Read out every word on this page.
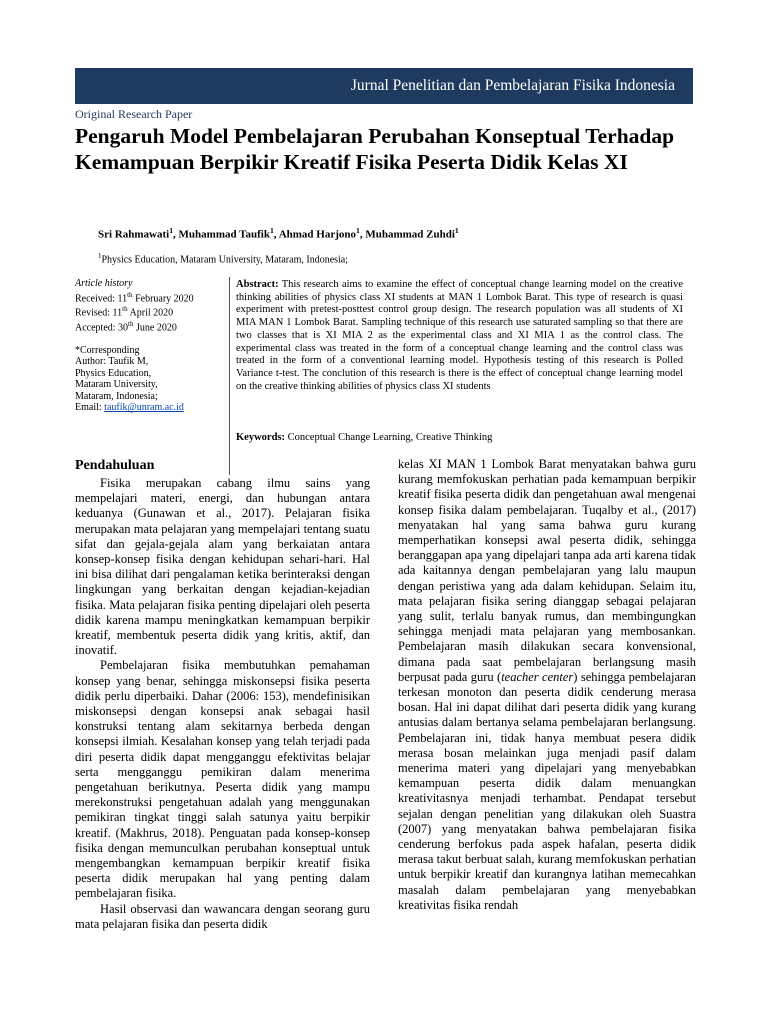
Jurnal Penelitian dan Pembelajaran Fisika Indonesia
Original Research Paper
Pengaruh Model Pembelajaran Perubahan Konseptual Terhadap Kemampuan Berpikir Kreatif Fisika Peserta Didik Kelas XI
Sri Rahmawati$^1$, Muhammad Taufik$^1$, Ahmad Harjono$^1$, Muhammad Zuhdi$^1$
$^1$Physics Education, Mataram University, Mataram, Indonesia;
Article history
Received: 11th February 2020
Revised: 11th April 2020
Accepted: 30th June 2020
*Corresponding
Author: Taufik M,
Physics Education,
Mataram University,
Mataram, Indonesia;
Email: taufik@unram.ac.id
Abstract: This research aims to examine the effect of conceptual change learning model on the creative thinking abilities of physics class XI students at MAN 1 Lombok Barat. This type of research is quasi experiment with pretest-posttest control group design. The research population was all students of XI MIA MAN 1 Lombok Barat. Sampling technique of this research use saturated sampling so that there are two classes that is XI MIA 2 as the experimental class and XI MIA 1 as the control class. The experimental class was treated in the form of a conceptual change learning and the control class was treated in the form of a conventional learning model. Hypothesis testing of this research is Polled Variance t-test. The conclution of this research is there is the effect of conceptual change learning model on the creative thinking abilities of physics class XI students
Keywords: Conceptual Change Learning, Creative Thinking
Pendahuluan

Fisika merupakan cabang ilmu sains yang mempelajari materi, energi, dan hubungan antara keduanya (Gunawan et al., 2017). Pelajaran fisika merupakan mata pelajaran yang mempelajari tentang suatu sifat dan gejala-gejala alam yang berkaiatan antara konsep-konsep fisika dengan kehidupan sehari-hari. Hal ini bisa dilihat dari pengalaman ketika berinteraksi dengan lingkungan yang berkaitan dengan kejadian-kejadian fisika. Mata pelajaran fisika penting dipelajari oleh peserta didik karena mampu meningkatkan kemampuan berpikir kreatif, membentuk peserta didik yang kritis, aktif, dan inovatif.

Pembelajaran fisika membutuhkan pemahaman konsep yang benar, sehingga miskonsepsi fisika peserta didik perlu diperbaiki. Dahar (2006: 153), mendefinisikan miskonsepsi dengan konsepsi anak sebagai hasil konstruksi tentang alam sekitarnya berbeda dengan konsepsi ilmiah. Kesalahan konsep yang telah terjadi pada diri peserta didik dapat mengganggu efektivitas belajar serta mengganggu pemikiran dalam menerima pengetahuan berikutnya. Peserta didik yang mampu merekonstruksi pengetahuan adalah yang menggunakan pemikiran tingkat tinggi salah satunya yaitu berpikir kreatif. (Makhrus, 2018). Penguatan pada konsep-konsep fisika dengan memunculkan perubahan konseptual untuk mengembangkan kemampuan berpikir kreatif fisika peserta didik merupakan hal yang penting dalam pembelajaran fisika.

Hasil observasi dan wawancara dengan seorang guru mata pelajaran fisika dan peserta didik

kelas XI MAN 1 Lombok Barat menyatakan bahwa guru kurang memfokuskan perhatian pada kemampuan berpikir kreatif fisika peserta didik dan pengetahuan awal mengenai konsep fisika dalam pembelajaran. Tuqalby et al., (2017) menyatakan hal yang sama bahwa guru kurang memperhatikan konsepsi awal peserta didik, sehingga beranggapan apa yang dipelajari tanpa ada arti karena tidak ada kaitannya dengan pembelajaran yang lalu maupun dengan peristiwa yang ada dalam kehidupan. Selaim itu, mata pelajaran fisika sering dianggap sebagai pelajaran yang sulit, terlalu banyak rumus, dan membingungkan sehingga menjadi mata pelajaran yang membosankan. Pembelajaran masih dilakukan secara konvensional, dimana pada saat pembelajaran berlangsung masih berpusat pada guru (teacher center) sehingga pembelajaran terkesan monoton dan peserta didik cenderung merasa bosan. Hal ini dapat dilihat dari peserta didik yang kurang antusias dalam bertanya selama pembelajaran berlangsung. Pembelajaran ini, tidak hanya membuat pesera didik merasa bosan melainkan juga menjadi pasif dalam menerima materi yang dipelajari yang menyebabkan kemampuan peserta didik dalam menuangkan kreativitasnya menjadi terhambat. Pendapat tersebut sejalan dengan penelitian yang dilakukan oleh Suastra (2007) yang menyatakan bahwa pembelajaran fisika cenderung berfokus pada aspek hafalan, peserta didik merasa takut berbuat salah, kurang memfokuskan perhatian untuk berpikir kreatif dan kurangnya latihan memecahkan masalah dalam pembelajaran yang menyebabkan kreativitas fisika rendah
